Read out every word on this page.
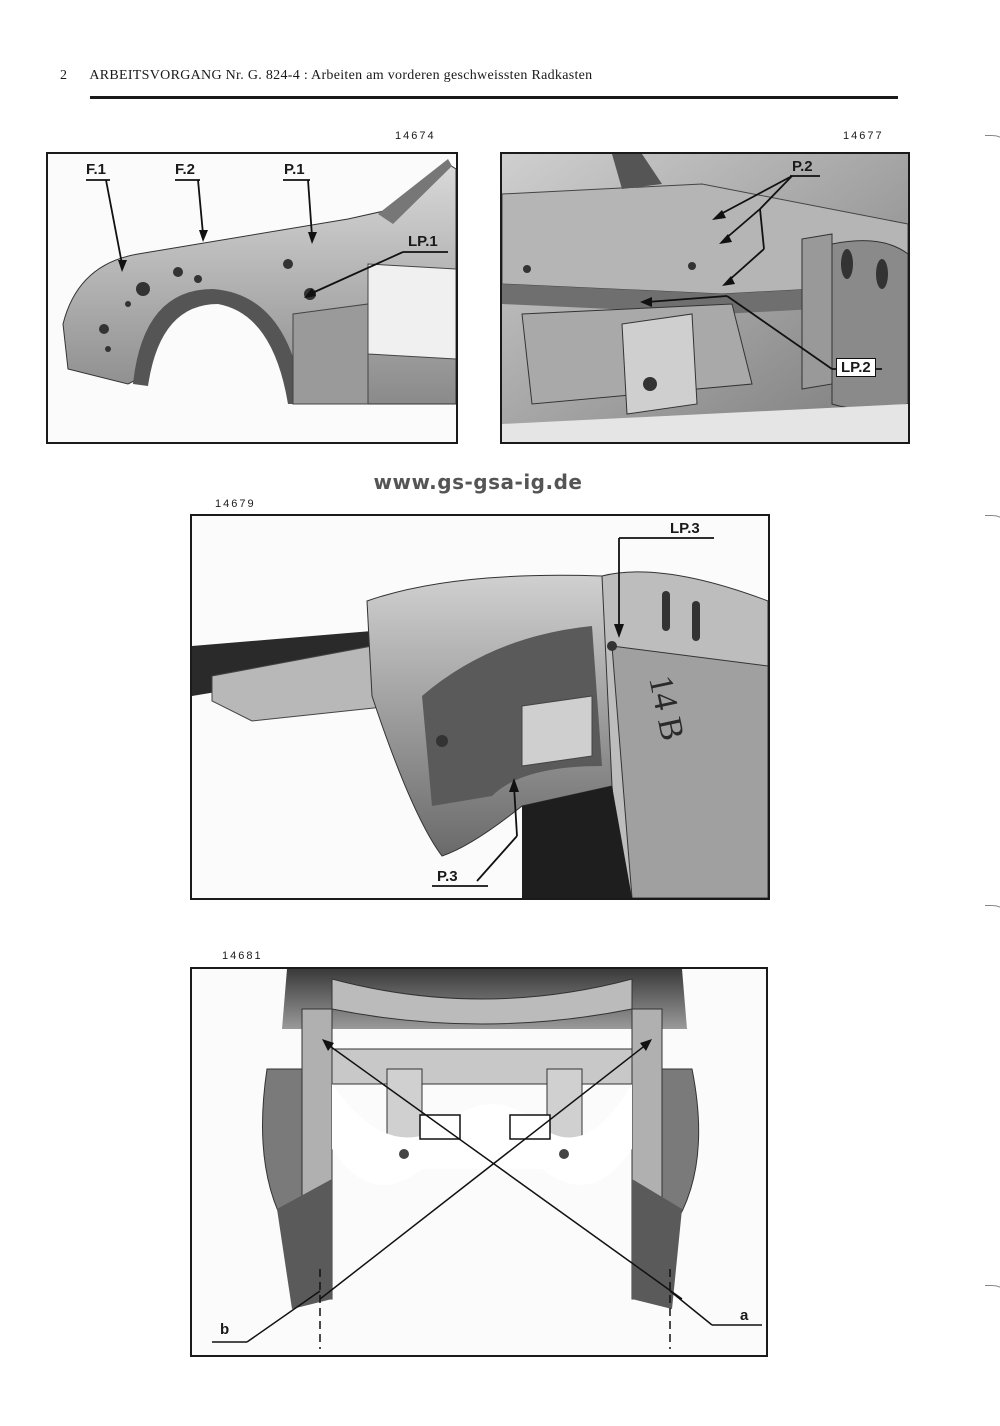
2 ARBEITSVORGANG Nr. G. 824-4 : Arbeiten am vorderen geschweissten Radkasten
14674
F.1	F.2	P.1
LP.1
14677
P.2
LP.2
www.gs-gsa-ig.de
14679
14 B
LP.3
P.3
14681
b
a
